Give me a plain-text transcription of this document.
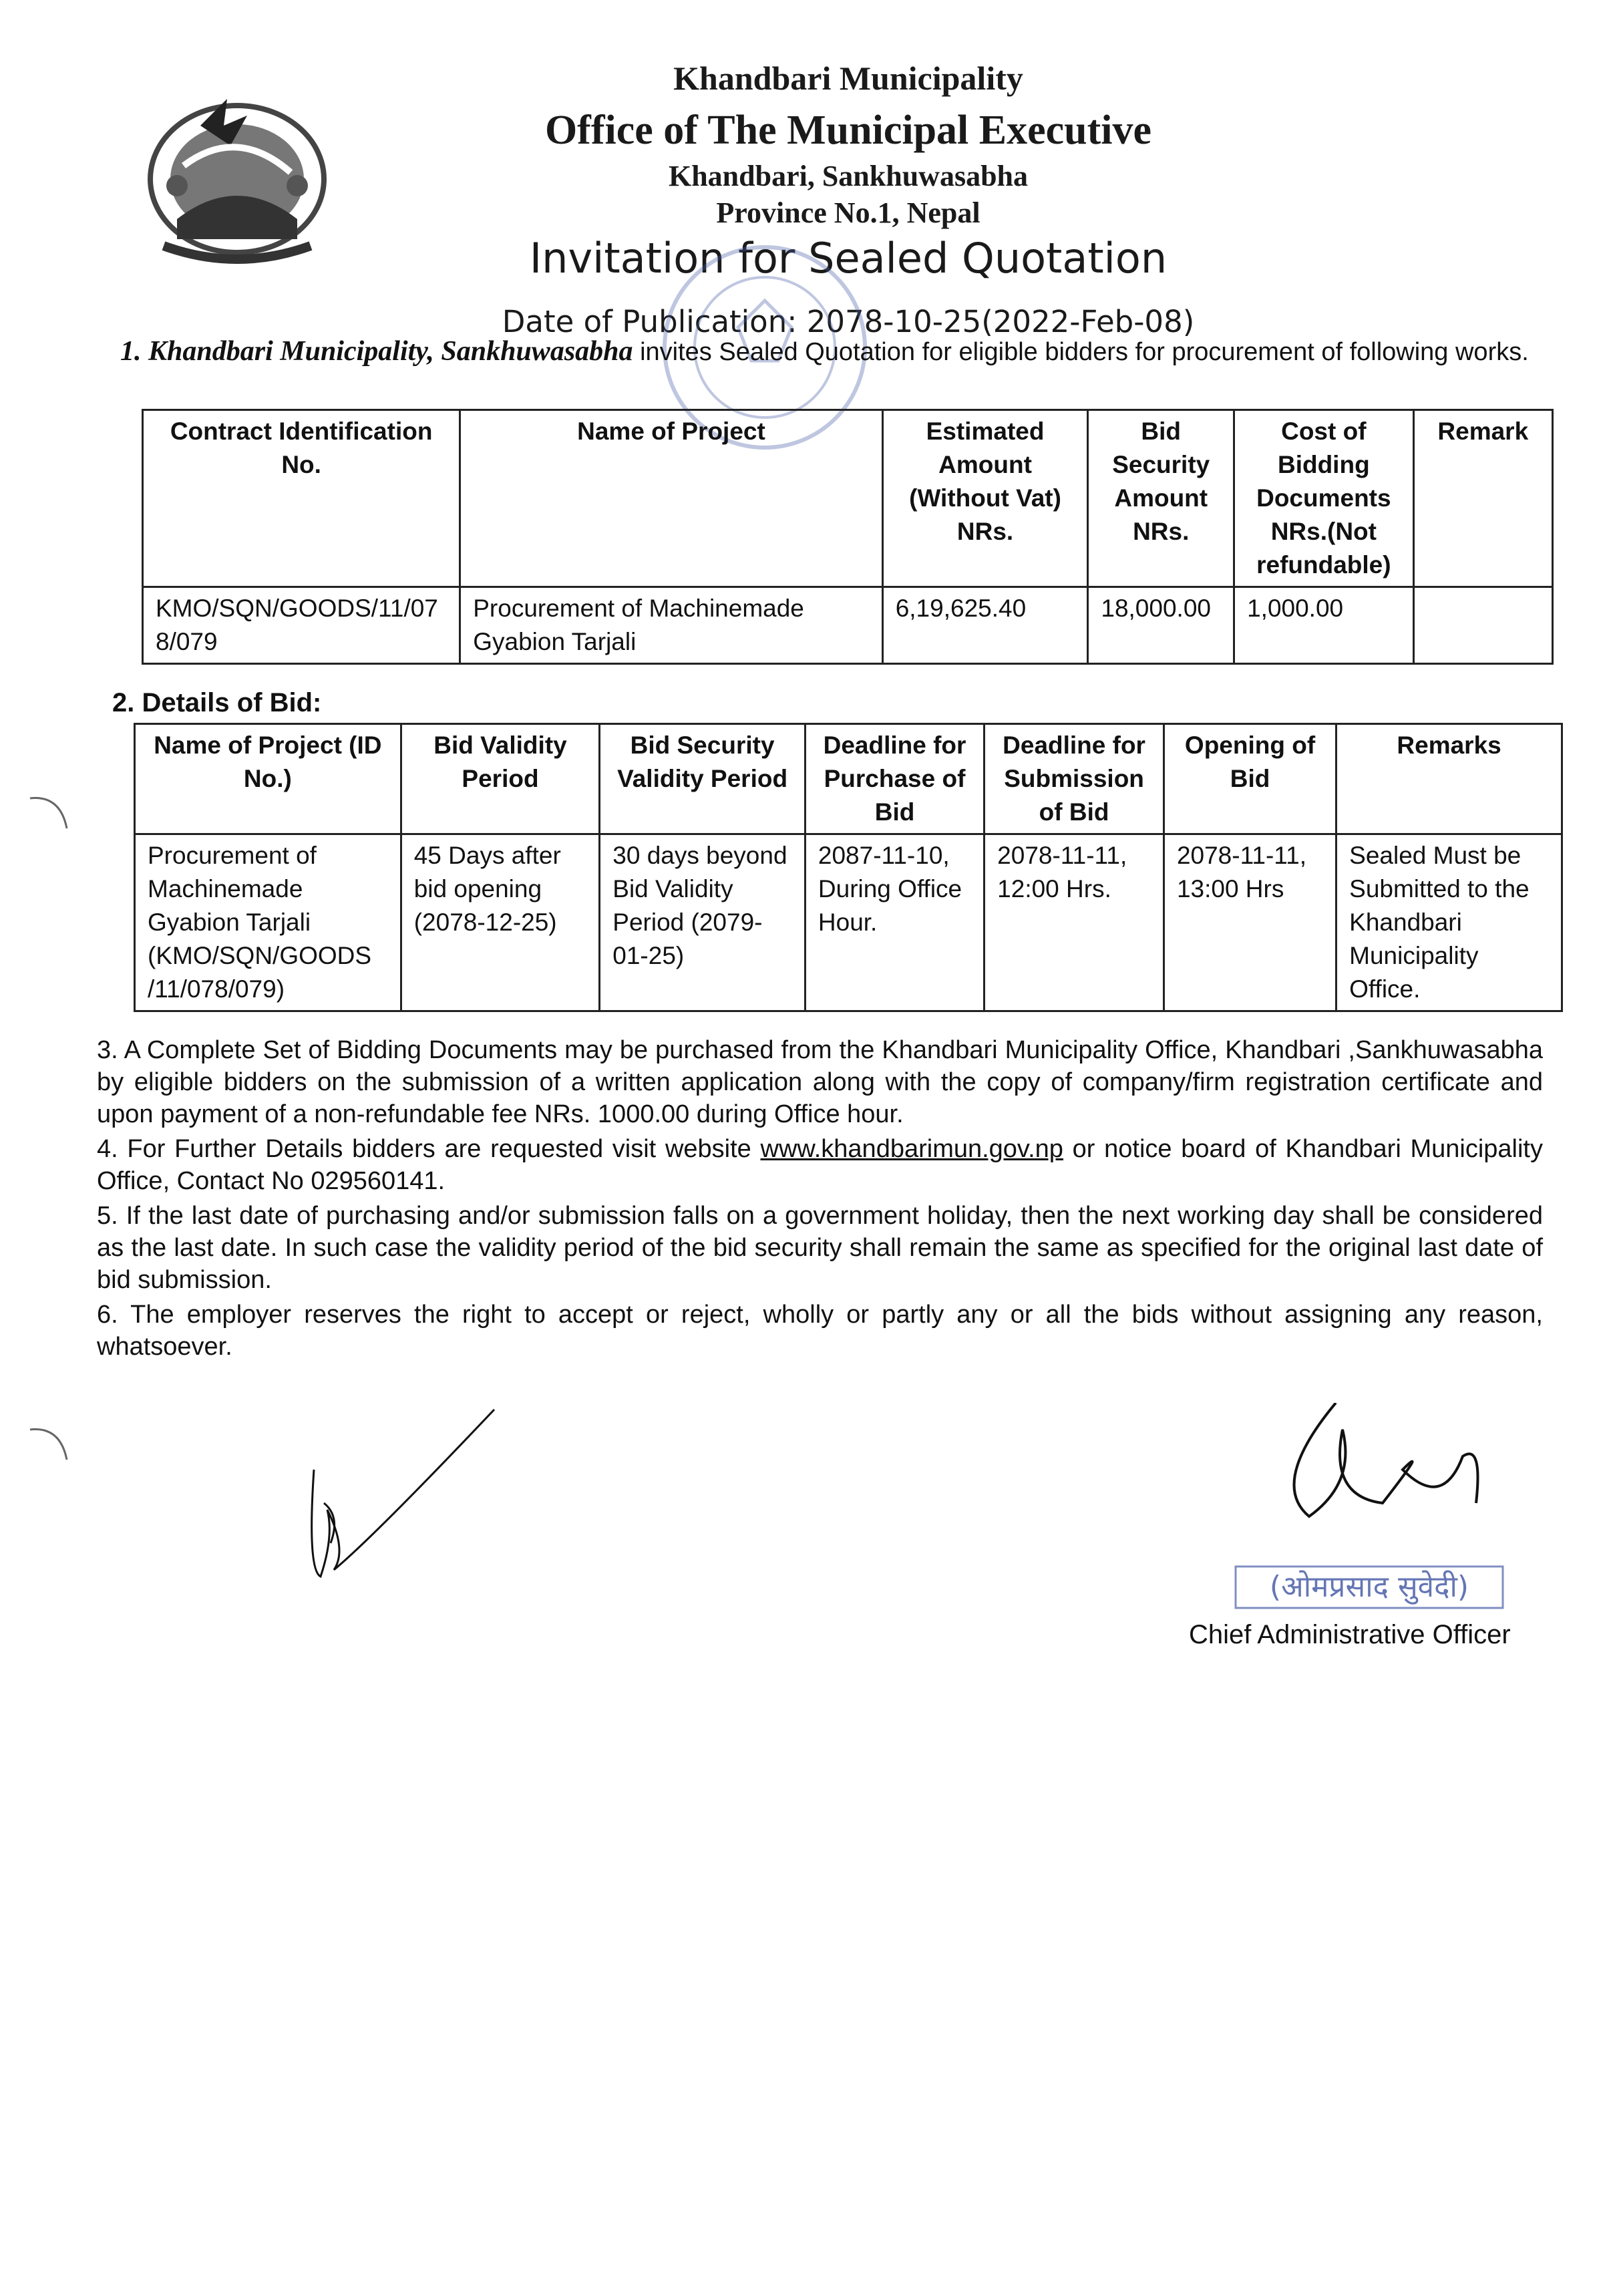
Khandbari Municipality
Office of The Municipal Executive
Khandbari, Sankhuwasabha
Province No.1, Nepal
Invitation for Sealed Quotation
Date of Publication: 2078-10-25(2022-Feb-08)
1. Khandbari Municipality, Sankhuwasabha invites Sealed Quotation for eligible bidders for procurement of following works.
Contract Identification No.	Name of Project	Estimated Amount (Without Vat) NRs.	Bid Security Amount NRs.	Cost of Bidding Documents NRs.(Not refundable)	Remark
KMO/SQN/GOODS/11/078/079	Procurement of Machinemade Gyabion Tarjali	6,19,625.40	18,000.00	1,000.00	
2. Details of Bid:
Name of Project (ID No.)	Bid Validity Period	Bid Security Validity Period	Deadline for Purchase of Bid	Deadline for Submission of Bid	Opening of Bid	Remarks
Procurement of Machinemade Gyabion Tarjali (KMO/SQN/GOODS /11/078/079)	45 Days after bid opening (2078-12-25)	30 days beyond Bid Validity Period (2079-01-25)	2087-11-10, During Office Hour.	2078-11-11, 12:00 Hrs.	2078-11-11, 13:00 Hrs	Sealed Must be Submitted to the Khandbari Municipality Office.

3. A Complete Set of Bidding Documents may be purchased from the Khandbari Municipality Office, Khandbari ,Sankhuwasabha by eligible bidders on the submission of a written application along with the copy of company/firm registration certificate and upon payment of a non-refundable fee NRs. 1000.00 during Office hour.

4. For Further Details bidders are requested visit website www.khandbarimun.gov.np or notice board of Khandbari Municipality Office, Contact No 029560141.

5. If the last date of purchasing and/or submission falls on a government holiday, then the next working day shall be considered as the last date. In such case the validity period of the bid security shall remain the same as specified for the original last date of bid submission.

6. The employer reserves the right to accept or reject, wholly or partly any or all the bids without assigning any reason, whatsoever.

(ओमप्रसाद सुवेदी)
Chief Administrative Officer
